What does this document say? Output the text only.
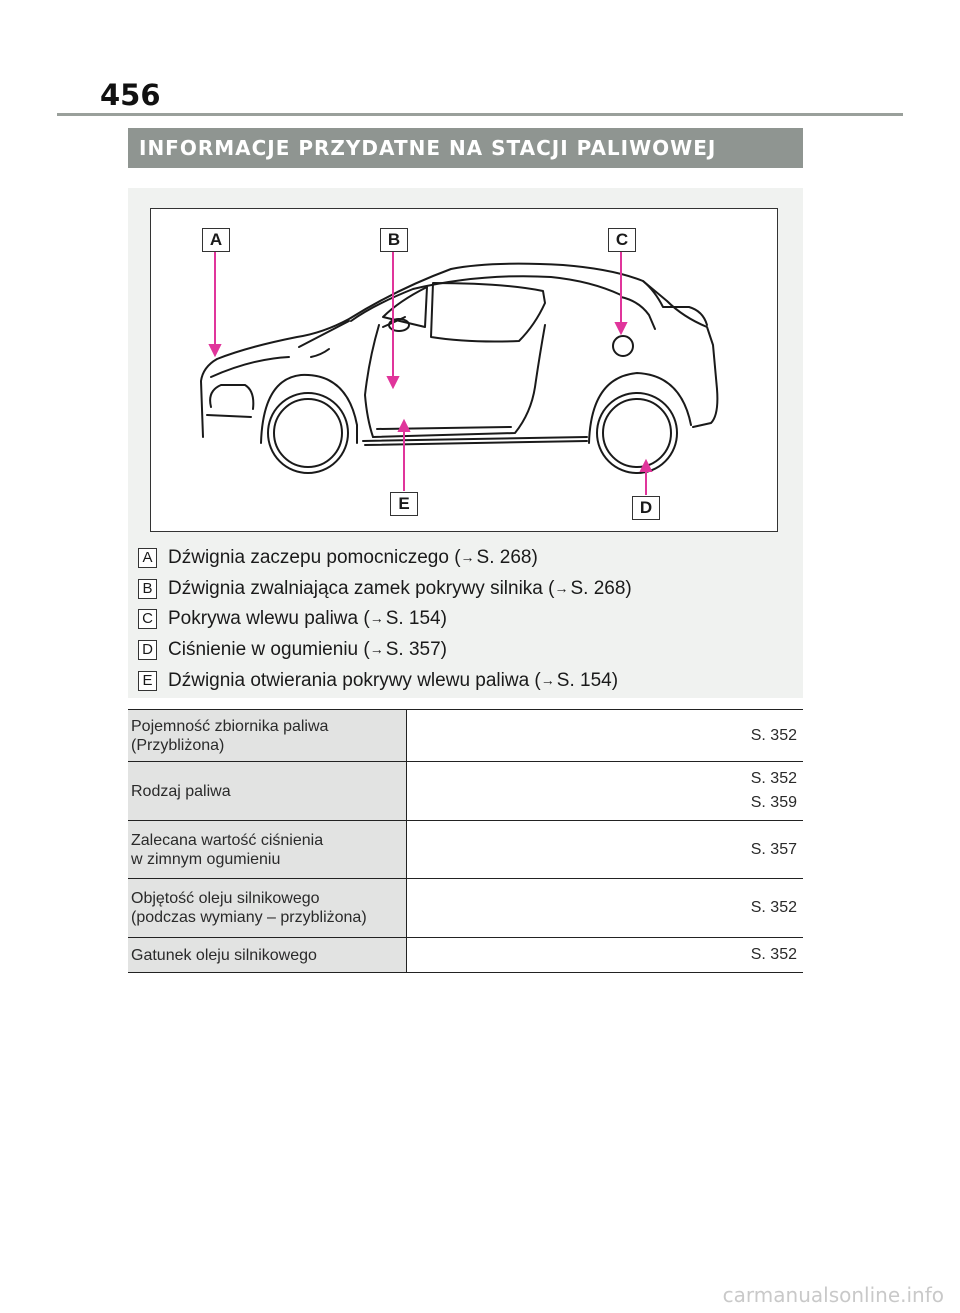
456
INFORMACJE PRZYDATNE NA STACJI PALIWOWEJ
A	B	C
D
E
A Dźwignia zaczepu pomocniczego (→ S. 268)
B Dźwignia zwalniająca zamek pokrywy silnika (→ S. 268)
C Pokrywa wlewu paliwa (→ S. 154)
D Ciśnienie w ogumieniu (→ S. 357)
E Dźwignia otwierania pokrywy wlewu paliwa (→ S. 154)
Pojemność zbiornika paliwa
(Przybliżona)	S. 352

Rodzaj paliwa	S. 352
S. 359

Zalecana wartość ciśnienia
w zimnym ogumieniu	S. 357

Objętość oleju silnikowego
(podczas wymiany – przybliżona)	S. 352

Gatunek oleju silnikowego	S. 352
carmanualsonline.info
